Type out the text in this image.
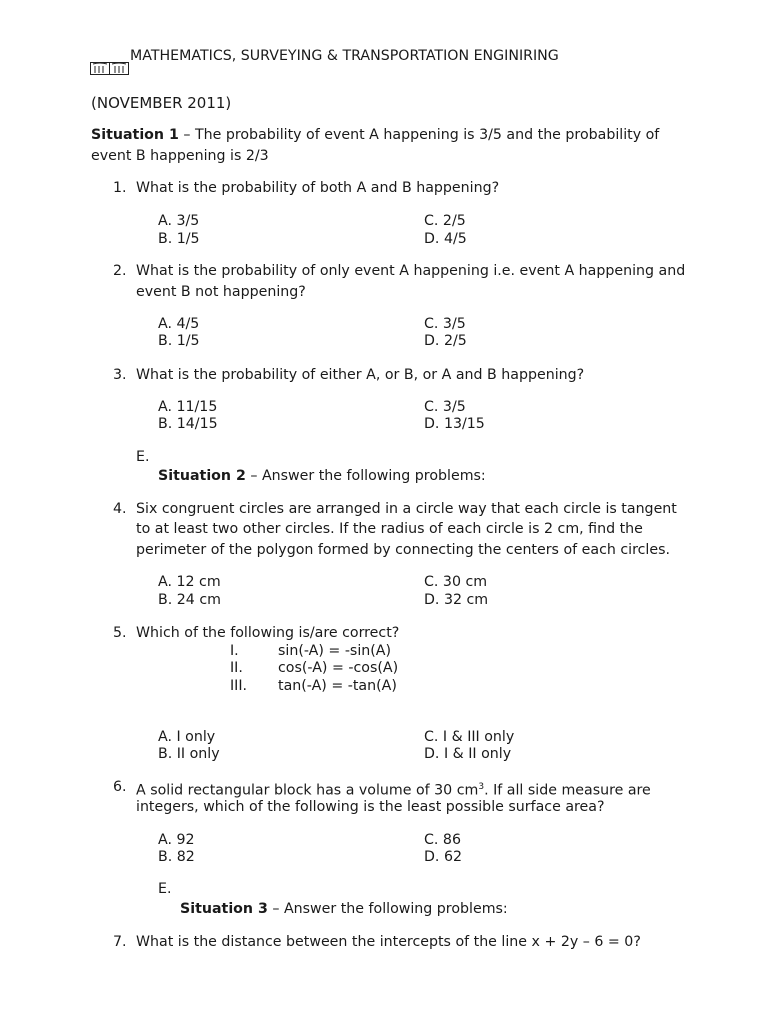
MATHEMATICS, SURVEYING & TRANSPORTATION ENGINIRING
(NOVEMBER 2011)
Situation 1 – The probability of event A happening is 3/5 and the probability of
event B happening is 2/3
1. What is the probability of both A and B happening?
A. 3/5
B. 1/5
C. 2/5
D. 4/5
2. What is the probability of only event A happening i.e. event A happening and
event B not happening?
A. 4/5
B. 1/5
C. 3/5
D. 2/5
3. What is the probability of either A, or B, or A and B happening?
A. 11/15
B. 14/15
C. 3/5
D. 13/15
E.
Situation 2 – Answer the following problems:
4. Six congruent circles are arranged in a circle way that each circle is tangent
to at least two other circles. If the radius of each circle is 2 cm, find the
perimeter of the polygon formed by connecting the centers of each circles.
A. 12 cm
B. 24 cm
C. 30 cm
D. 32 cm
5. Which of the following is/are correct?
I.	sin(-A) = -sin(A)
II. cos(-A) = -cos(A)
III. tan(-A) = -tan(A)
A. I only
B. II only
C. I & III only
D. I & II only
6. A solid rectangular block has a volume of 30 $cm^3$. If all side measure are
integers, which of the following is the least possible surface area?
A. 92
B. 82
C. 86
D. 62
E.
Situation 3 – Answer the following problems:
7. What is the distance between the intercepts of the line x + 2y – 6 = 0?
